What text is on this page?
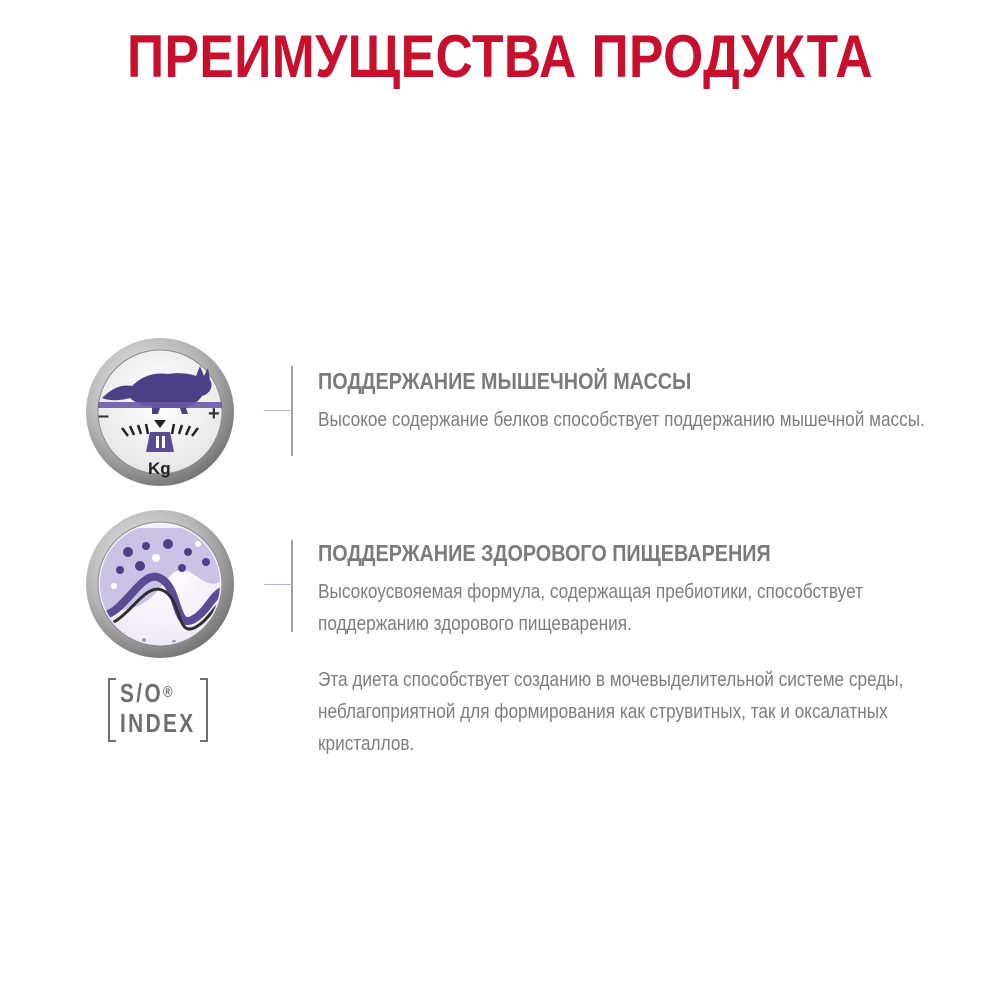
ПРЕИМУЩЕСТВА ПРОДУКТА
–	+
Kg
ПОДДЕРЖАНИЕ МЫШЕЧНОЙ МАССЫ
Высокое содержание белков способствует поддержанию мышечной массы.
ПОДДЕРЖАНИЕ ЗДОРОВОГО ПИЩЕВАРЕНИЯ
Высокоусвояемая формула, содержащая пребиотики, способствует поддержанию здорового пищеварения.
S/O®
INDEX
Эта диета способствует созданию в мочевыделительной системе среды, неблагоприятной для формирования как струвитных, так и оксалатных кристаллов.
